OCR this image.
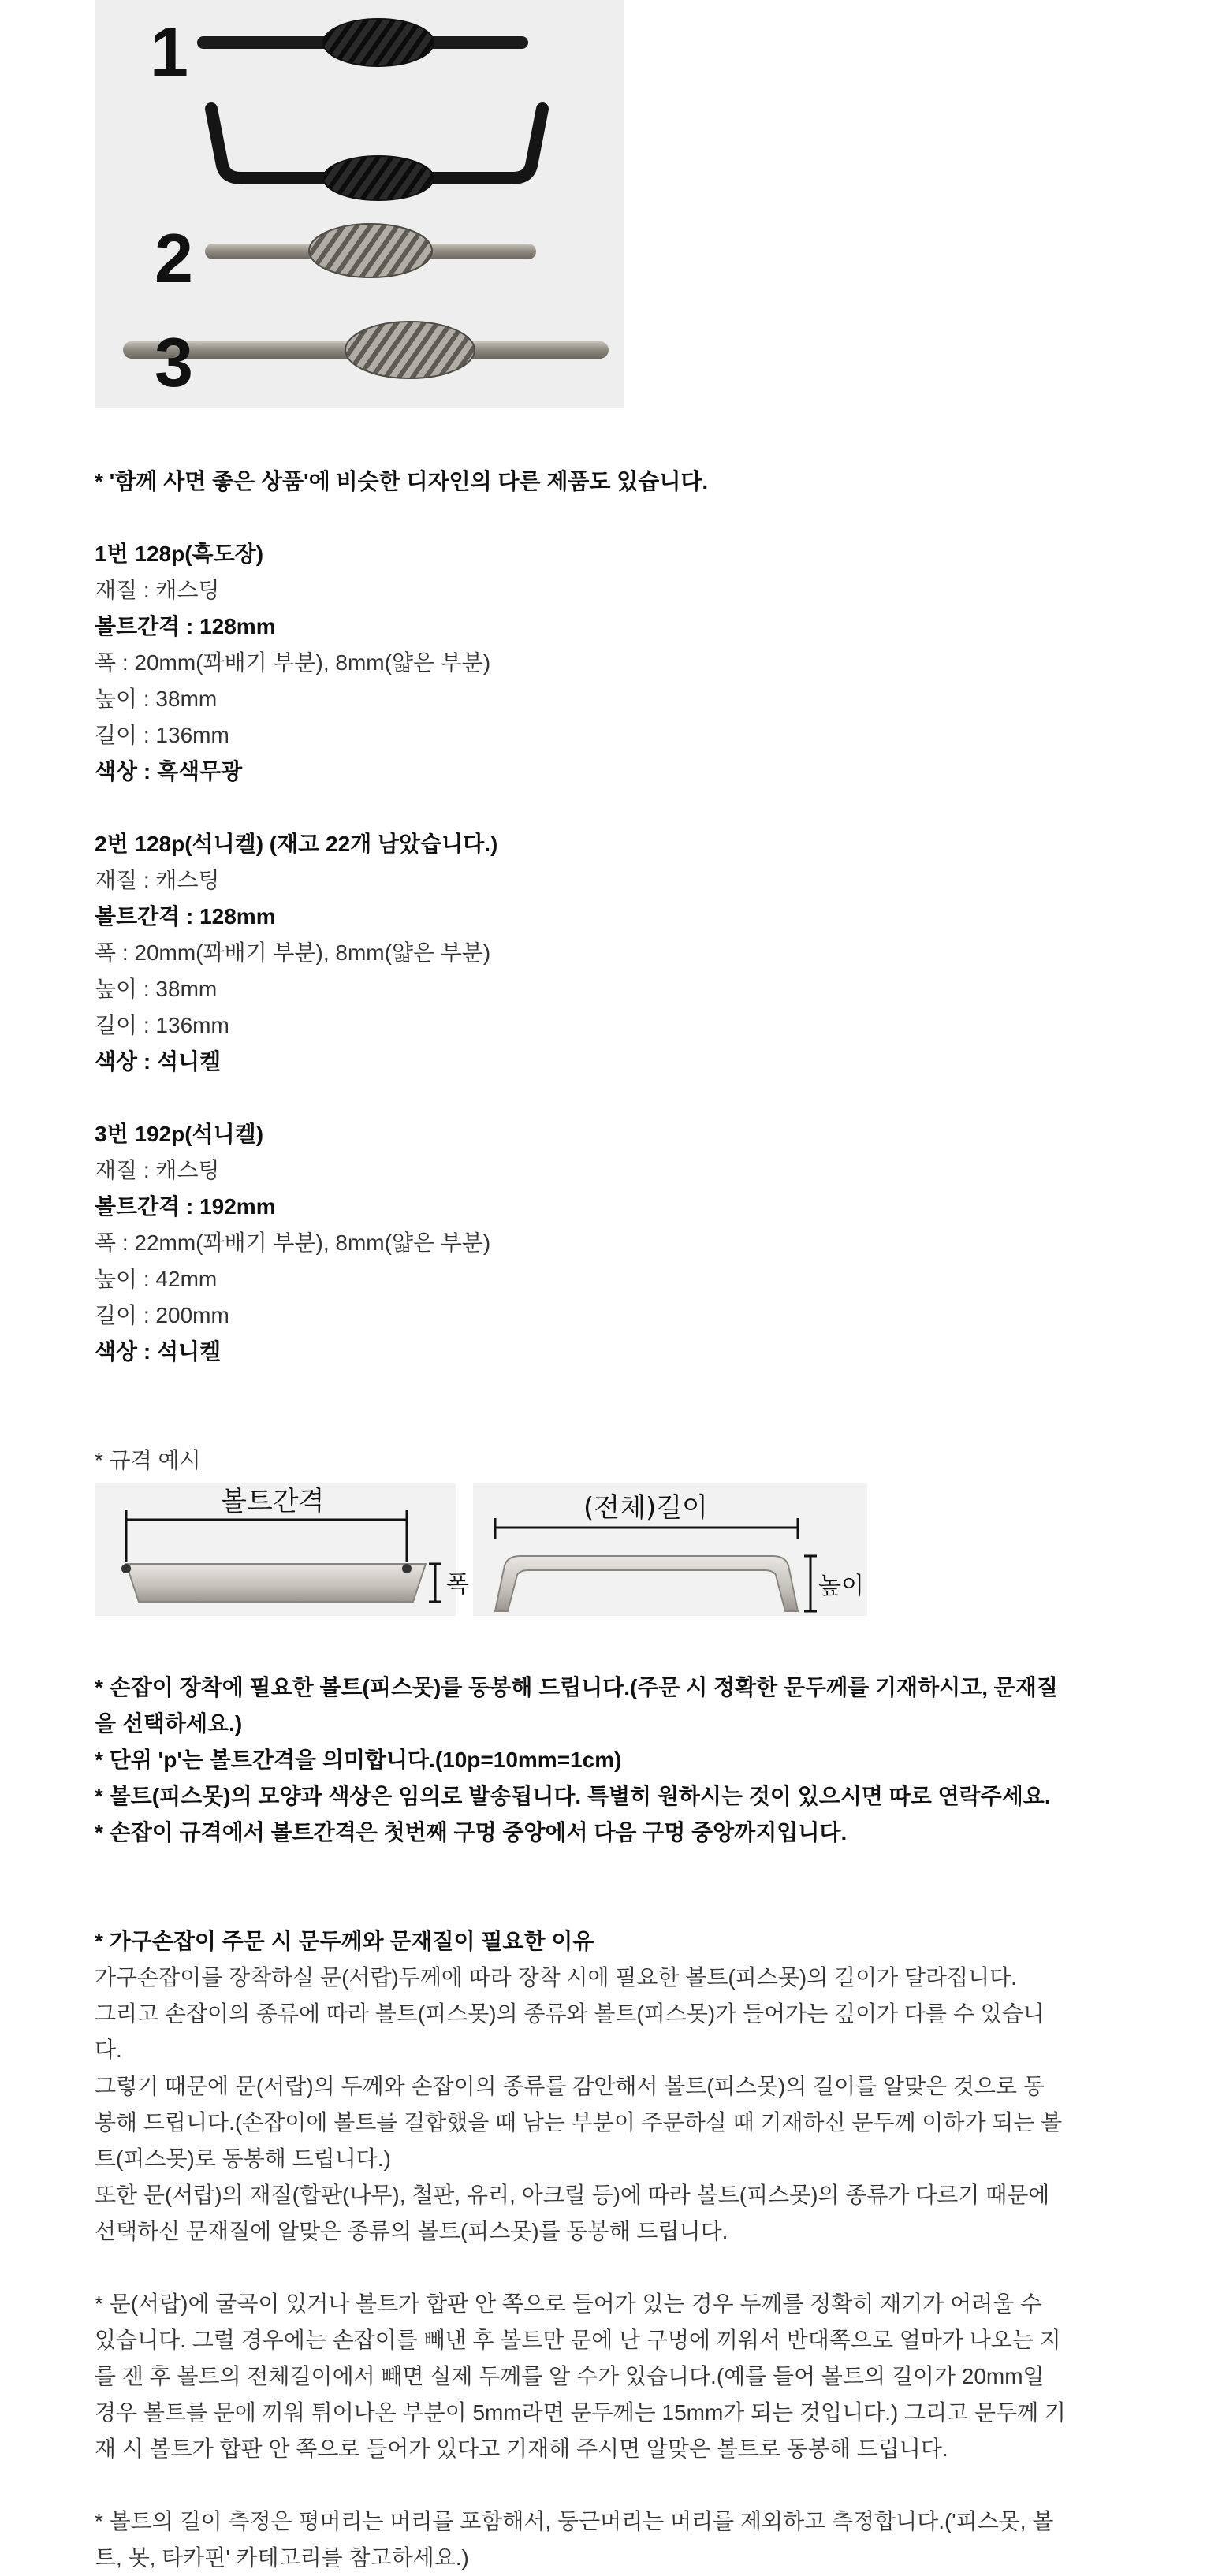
1
2
3
* '함께 사면 좋은 상품'에 비슷한 디자인의 다른 제품도 있습니다.
1번 128p(흑도장)
재질 : 캐스팅
볼트간격 : 128mm
폭 : 20mm(꽈배기 부분), 8mm(얇은 부분)
높이 : 38mm
길이 : 136mm
색상 : 흑색무광
2번 128p(석니켈) (재고 22개 남았습니다.)
재질 : 캐스팅
볼트간격 : 128mm
폭 : 20mm(꽈배기 부분), 8mm(얇은 부분)
높이 : 38mm
길이 : 136mm
색상 : 석니켈
3번 192p(석니켈)
재질 : 캐스팅
볼트간격 : 192mm
폭 : 22mm(꽈배기 부분), 8mm(얇은 부분)
높이 : 42mm
길이 : 200mm
색상 : 석니켈
* 규격 예시
볼트간격
폭
(전체)길이
높이
* 손잡이 장착에 필요한 볼트(피스못)를 동봉해 드립니다.(주문 시 정확한 문두께를 기재하시고, 문재질
을 선택하세요.)
* 단위 'p'는 볼트간격을 의미합니다.(10p=10mm=1cm)
* 볼트(피스못)의 모양과 색상은 임의로 발송됩니다. 특별히 원하시는 것이 있으시면 따로 연락주세요.
* 손잡이 규격에서 볼트간격은 첫번째 구멍 중앙에서 다음 구멍 중앙까지입니다.
* 가구손잡이 주문 시 문두께와 문재질이 필요한 이유
가구손잡이를 장착하실 문(서랍)두께에 따라 장착 시에 필요한 볼트(피스못)의 길이가 달라집니다.
그리고 손잡이의 종류에 따라 볼트(피스못)의 종류와 볼트(피스못)가 들어가는 깊이가 다를 수 있습니
다.
그렇기 때문에 문(서랍)의 두께와 손잡이의 종류를 감안해서 볼트(피스못)의 길이를 알맞은 것으로 동
봉해 드립니다.(손잡이에 볼트를 결합했을 때 남는 부분이 주문하실 때 기재하신 문두께 이하가 되는 볼
트(피스못)로 동봉해 드립니다.)
또한 문(서랍)의 재질(합판(나무), 철판, 유리, 아크릴 등)에 따라 볼트(피스못)의 종류가 다르기 때문에
선택하신 문재질에 알맞은 종류의 볼트(피스못)를 동봉해 드립니다.
* 문(서랍)에 굴곡이 있거나 볼트가 합판 안 쪽으로 들어가 있는 경우 두께를 정확히 재기가 어려울 수
있습니다. 그럴 경우에는 손잡이를 빼낸 후 볼트만 문에 난 구멍에 끼워서 반대쪽으로 얼마가 나오는 지
를 잰 후 볼트의 전체길이에서 빼면 실제 두께를 알 수가 있습니다.(예를 들어 볼트의 길이가 20mm일
경우 볼트를 문에 끼워 튀어나온 부분이 5mm라면 문두께는 15mm가 되는 것입니다.) 그리고 문두께 기
재 시 볼트가 합판 안 쪽으로 들어가 있다고 기재해 주시면 알맞은 볼트로 동봉해 드립니다.
* 볼트의 길이 측정은 평머리는 머리를 포함해서, 둥근머리는 머리를 제외하고 측정합니다.('피스못, 볼
트, 못, 타카핀' 카테고리를 참고하세요.)
